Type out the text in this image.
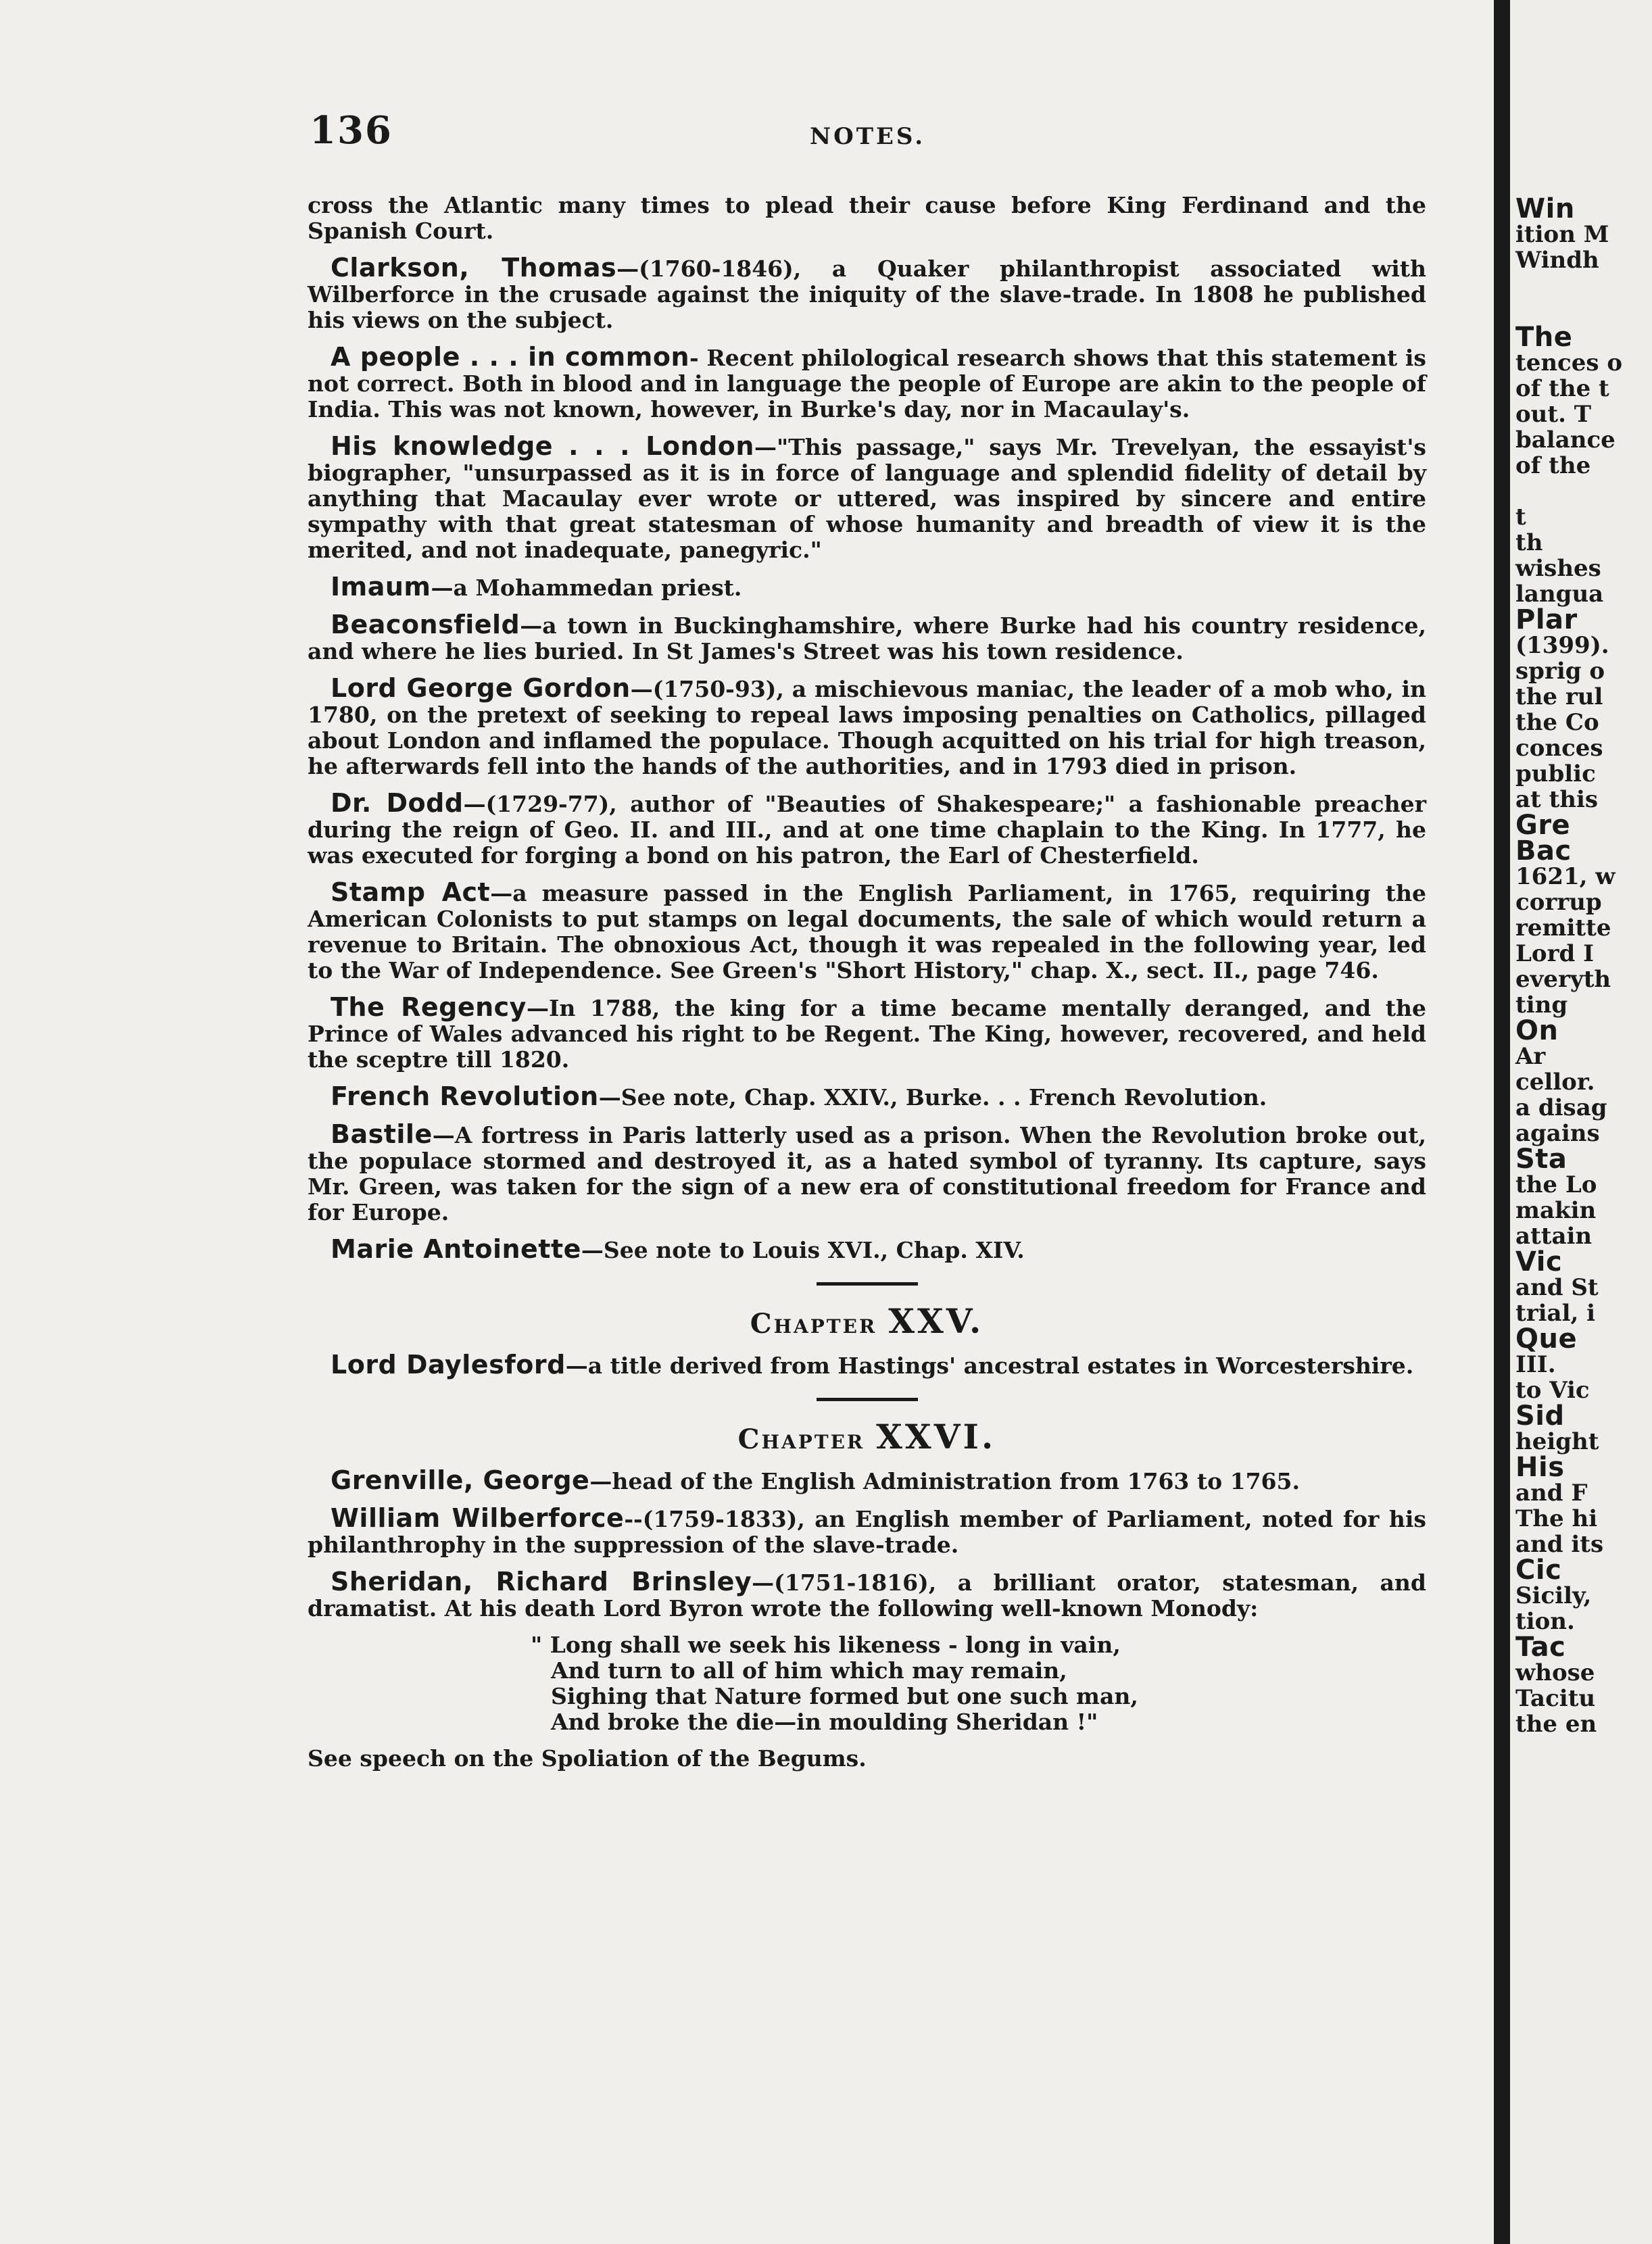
136	NOTES.

cross the Atlantic many times to plead their cause before King Ferdinand and the Spanish Court.

Clarkson, Thomas—(1760-1846), a Quaker philanthropist associated with Wilberforce in the crusade against the iniquity of the slave-trade. In 1808 he published his views on the subject.

A people . . . in common- Recent philological research shows that this statement is not correct. Both in blood and in language the people of Europe are akin to the people of India. This was not known, however, in Burke's day, nor in Macaulay's.

His knowledge . . . London—"This passage," says Mr. Trevelyan, the essayist's biographer, "unsurpassed as it is in force of language and splendid fidelity of detail by anything that Macaulay ever wrote or uttered, was inspired by sincere and entire sympathy with that great statesman of whose humanity and breadth of view it is the merited, and not inadequate, panegyric."

Imaum—a Mohammedan priest.

Beaconsfield—a town in Buckinghamshire, where Burke had his country residence, and where he lies buried. In St James's Street was his town residence.

Lord George Gordon—(1750-93), a mischievous maniac, the leader of a mob who, in 1780, on the pretext of seeking to repeal laws imposing penalties on Catholics, pillaged about London and inflamed the populace. Though acquitted on his trial for high treason, he afterwards fell into the hands of the authorities, and in 1793 died in prison.

Dr. Dodd—(1729-77), author of "Beauties of Shakespeare;" a fashionable preacher during the reign of Geo. II. and III., and at one time chaplain to the King. In 1777, he was executed for forging a bond on his patron, the Earl of Chesterfield.

Stamp Act—a measure passed in the English Parliament, in 1765, requiring the American Colonists to put stamps on legal documents, the sale of which would return a revenue to Britain. The obnoxious Act, though it was repealed in the following year, led to the War of Independence. See Green's "Short History," chap. X., sect. II., page 746.

The Regency—In 1788, the king for a time became mentally deranged, and the Prince of Wales advanced his right to be Regent. The King, however, recovered, and held the sceptre till 1820.

French Revolution—See note, Chap. XXIV., Burke. . . French Revolution.

Bastile—A fortress in Paris latterly used as a prison. When the Revolution broke out, the populace stormed and destroyed it, as a hated symbol of tyranny. Its capture, says Mr. Green, was taken for the sign of a new era of constitutional freedom for France and for Europe.

Marie Antoinette—See note to Louis XVI., Chap. XIV.

Chapter XXV.

Lord Daylesford—a title derived from Hastings' ancestral estates in Worcestershire.

Chapter XXVI.

Grenville, George—head of the English Administration from 1763 to 1765.

William Wilberforce--(1759-1833), an English member of Parliament, noted for his philanthrophy in the suppression of the slave-trade.

Sheridan, Richard Brinsley—(1751-1816), a brilliant orator, statesman, and dramatist. At his death Lord Byron wrote the following well-known Monody:

" Long shall we seek his likeness - long in vain,
And turn to all of him which may remain,
Sighing that Nature formed but one such man,
And broke the die—in moulding Sheridan !"
See speech on the Spoliation of the Begums.
Win
ition M
Windh
The
tences o
of the t
out. T
balance
of the
t
th
wishes
langua
Plar
(1399).
sprig o
the rul
the Co
conces
public
at this
Gre
Bac
1621, w
corrup
remitte
Lord I
everyth
ting
On
Ar
cellor.
a disag
agains
Sta
the Lo
makin
attain
Vic
and St
trial, i
Que
III.
to Vic
Sid
height
His
and F
The hi
and its
Cic
Sicily,
tion.
Tac
whose
Tacitu
the en
